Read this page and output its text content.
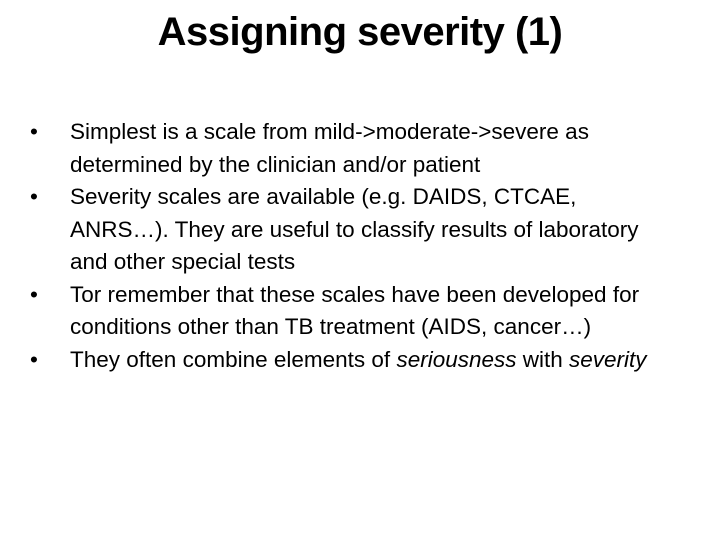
Assigning severity (1)
•	Simplest is a scale from mild->moderate->severe as determined by the clinician and/or patient
•	Severity scales are available (e.g. DAIDS, CTCAE, ANRS…). They are useful to classify results of laboratory and other special tests
•	Tor remember that these scales have been developed for conditions other than TB treatment (AIDS, cancer…)
•	They often combine elements of seriousness with severity
